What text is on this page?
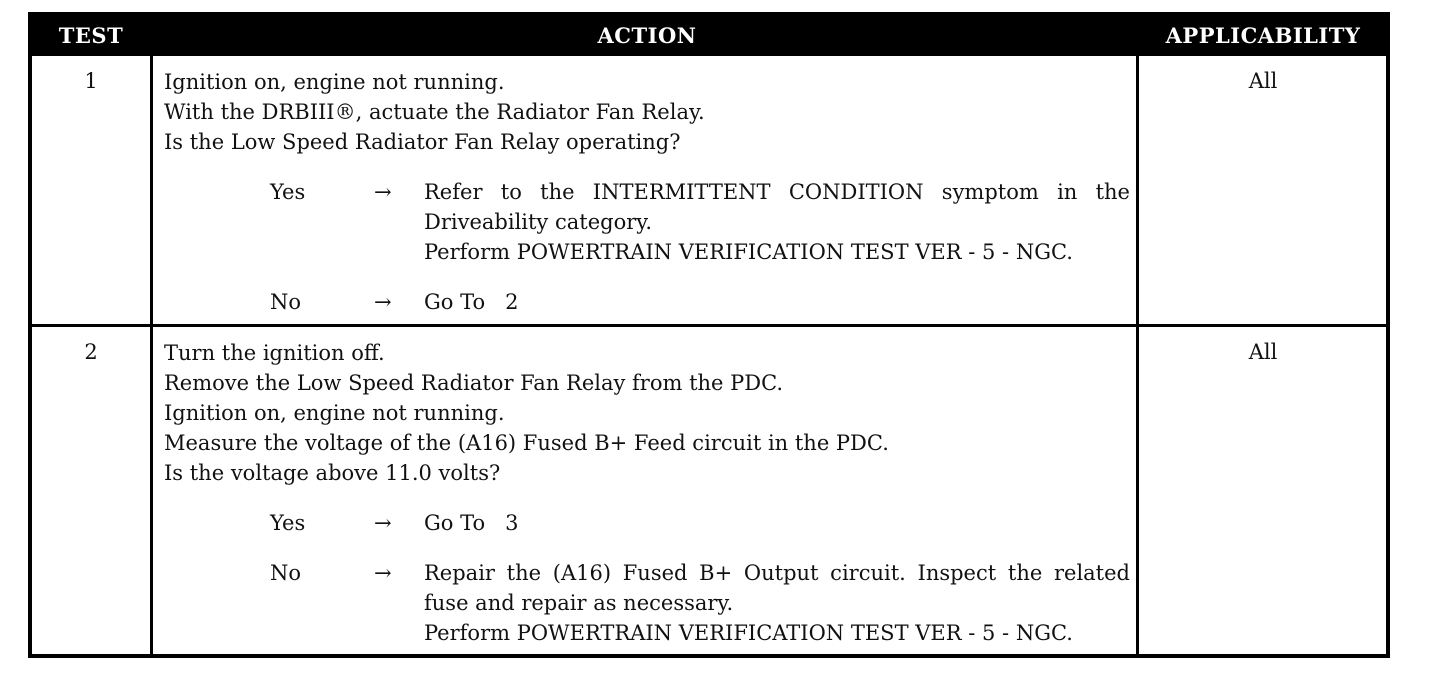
TEST	ACTION	APPLICABILITY
1	Ignition on, engine not running.
With the DRBIII®, actuate the Radiator Fan Relay.
Is the Low Speed Radiator Fan Relay operating?
Yes	→	Refer to the INTERMITTENT CONDITION symptom in the
Driveability category.
Perform POWERTRAIN VERIFICATION TEST VER - 5 - NGC.
No	→	Go To   2
All
2	Turn the ignition off.
Remove the Low Speed Radiator Fan Relay from the PDC.
Ignition on, engine not running.
Measure the voltage of the (A16) Fused B+ Feed circuit in the PDC.
Is the voltage above 11.0 volts?
Yes	→	Go To   3
No	→	Repair the (A16) Fused B+ Output circuit. Inspect the related
fuse and repair as necessary.
Perform POWERTRAIN VERIFICATION TEST VER - 5 - NGC.
All
